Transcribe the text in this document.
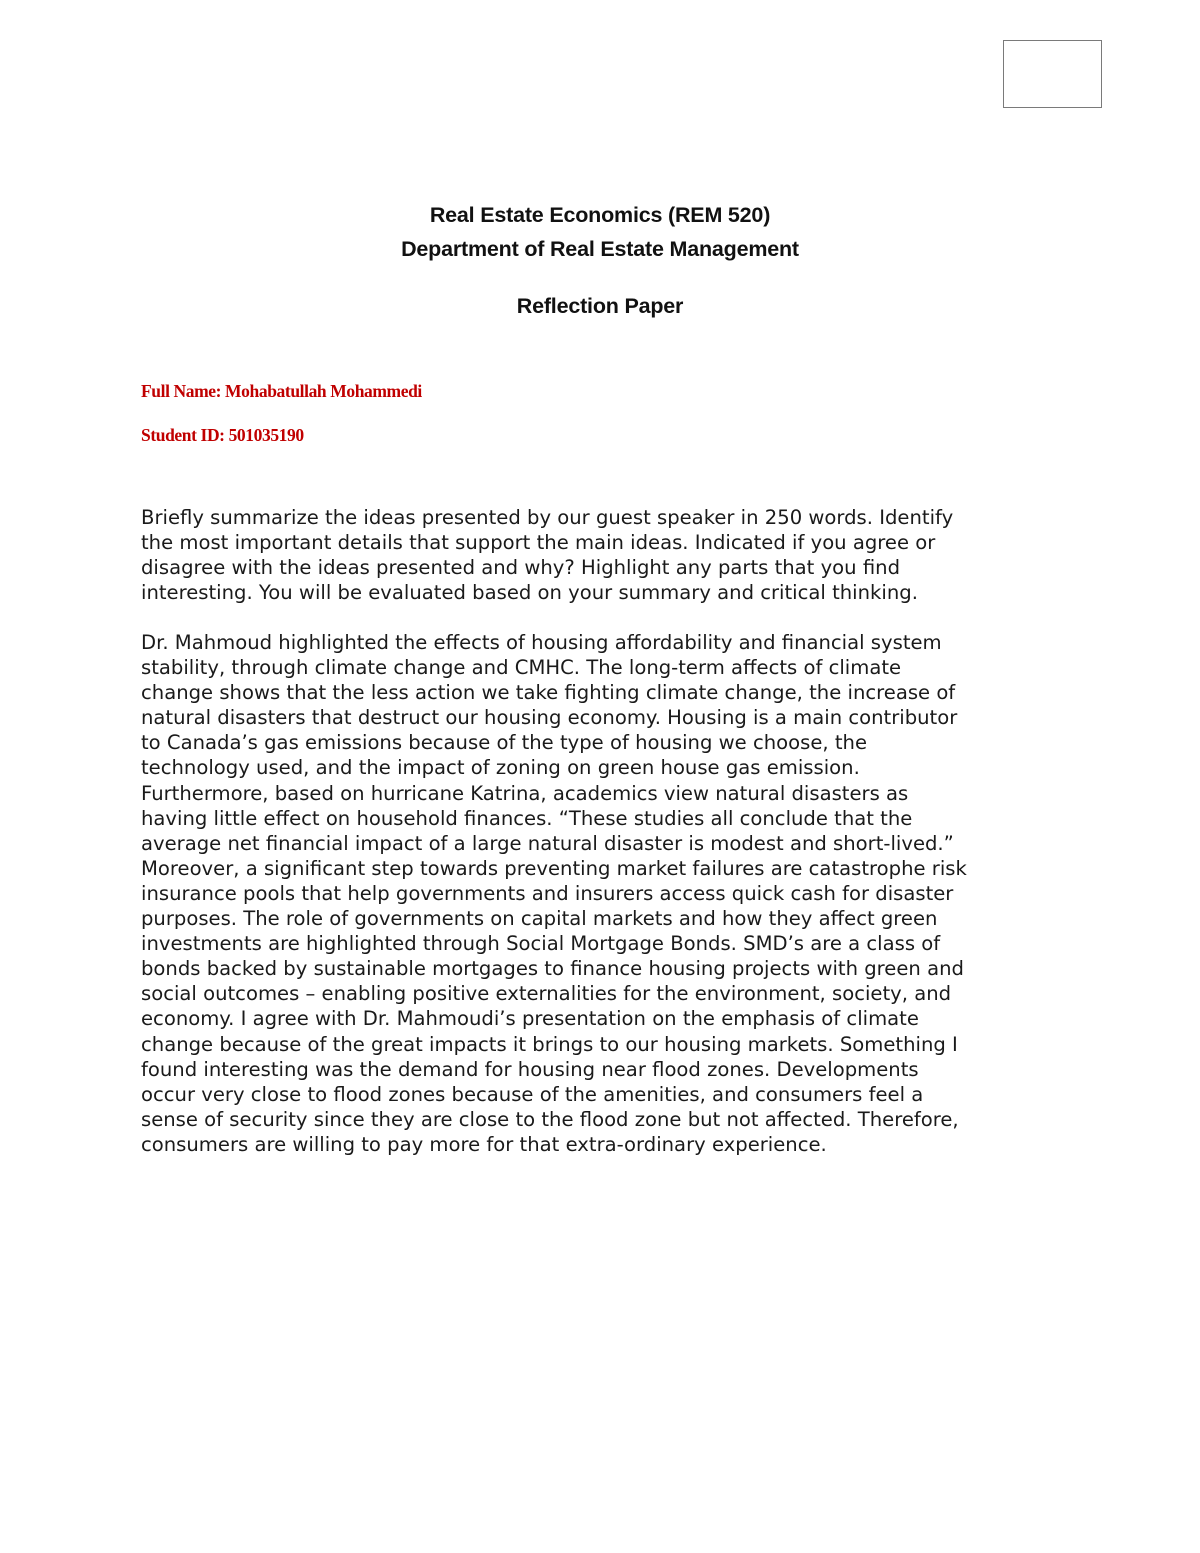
Real Estate Economics (REM 520)
Department of Real Estate Management
Reflection Paper
Full Name: Mohabatullah Mohammedi
Student ID: 501035190

Briefly summarize the ideas presented by our guest speaker in 250 words. Identify
the most important details that support the main ideas. Indicated if you agree or
disagree with the ideas presented and why? Highlight any parts that you find
interesting. You will be evaluated based on your summary and critical thinking.

Dr. Mahmoud highlighted the effects of housing affordability and financial system
stability, through climate change and CMHC. The long-term affects of climate
change shows that the less action we take fighting climate change, the increase of
natural disasters that destruct our housing economy. Housing is a main contributor
to Canada’s gas emissions because of the type of housing we choose, the
technology used, and the impact of zoning on green house gas emission.
Furthermore, based on hurricane Katrina, academics view natural disasters as
having little effect on household finances. “These studies all conclude that the
average net financial impact of a large natural disaster is modest and short-lived.”
Moreover, a significant step towards preventing market failures are catastrophe risk
insurance pools that help governments and insurers access quick cash for disaster
purposes. The role of governments on capital markets and how they affect green
investments are highlighted through Social Mortgage Bonds. SMD’s are a class of
bonds backed by sustainable mortgages to finance housing projects with green and
social outcomes – enabling positive externalities for the environment, society, and
economy. I agree with Dr. Mahmoudi’s presentation on the emphasis of climate
change because of the great impacts it brings to our housing markets. Something I
found interesting was the demand for housing near flood zones. Developments
occur very close to flood zones because of the amenities, and consumers feel a
sense of security since they are close to the flood zone but not affected. Therefore,
consumers are willing to pay more for that extra-ordinary experience.
